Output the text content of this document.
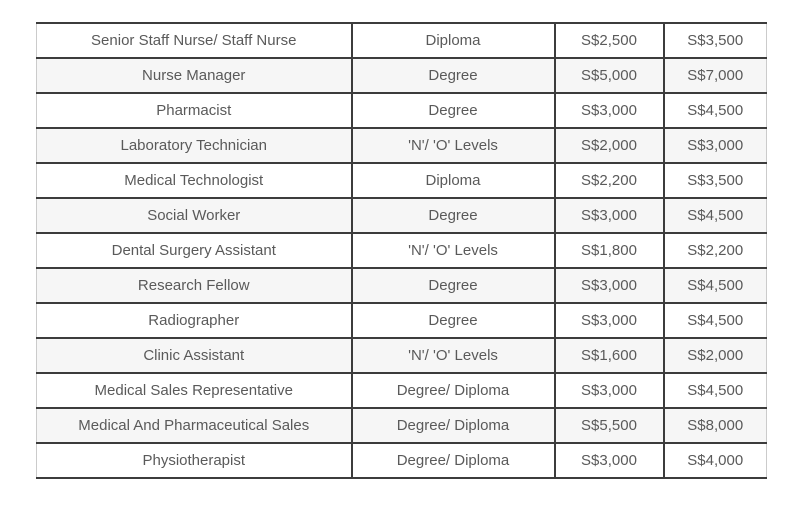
Senior Staff Nurse/ Staff Nurse	Diploma	S$2,500	S$3,500
Nurse Manager	Degree	S$5,000	S$7,000
Pharmacist	Degree	S$3,000	S$4,500
Laboratory Technician	'N'/ 'O' Levels	S$2,000	S$3,000
Medical Technologist	Diploma	S$2,200	S$3,500
Social Worker	Degree	S$3,000	S$4,500
Dental Surgery Assistant	'N'/ 'O' Levels	S$1,800	S$2,200
Research Fellow	Degree	S$3,000	S$4,500
Radiographer	Degree	S$3,000	S$4,500
Clinic Assistant	'N'/ 'O' Levels	S$1,600	S$2,000
Medical Sales Representative	Degree/ Diploma	S$3,000	S$4,500
Medical And Pharmaceutical Sales	Degree/ Diploma	S$5,500	S$8,000
Physiotherapist	Degree/ Diploma	S$3,000	S$4,000
